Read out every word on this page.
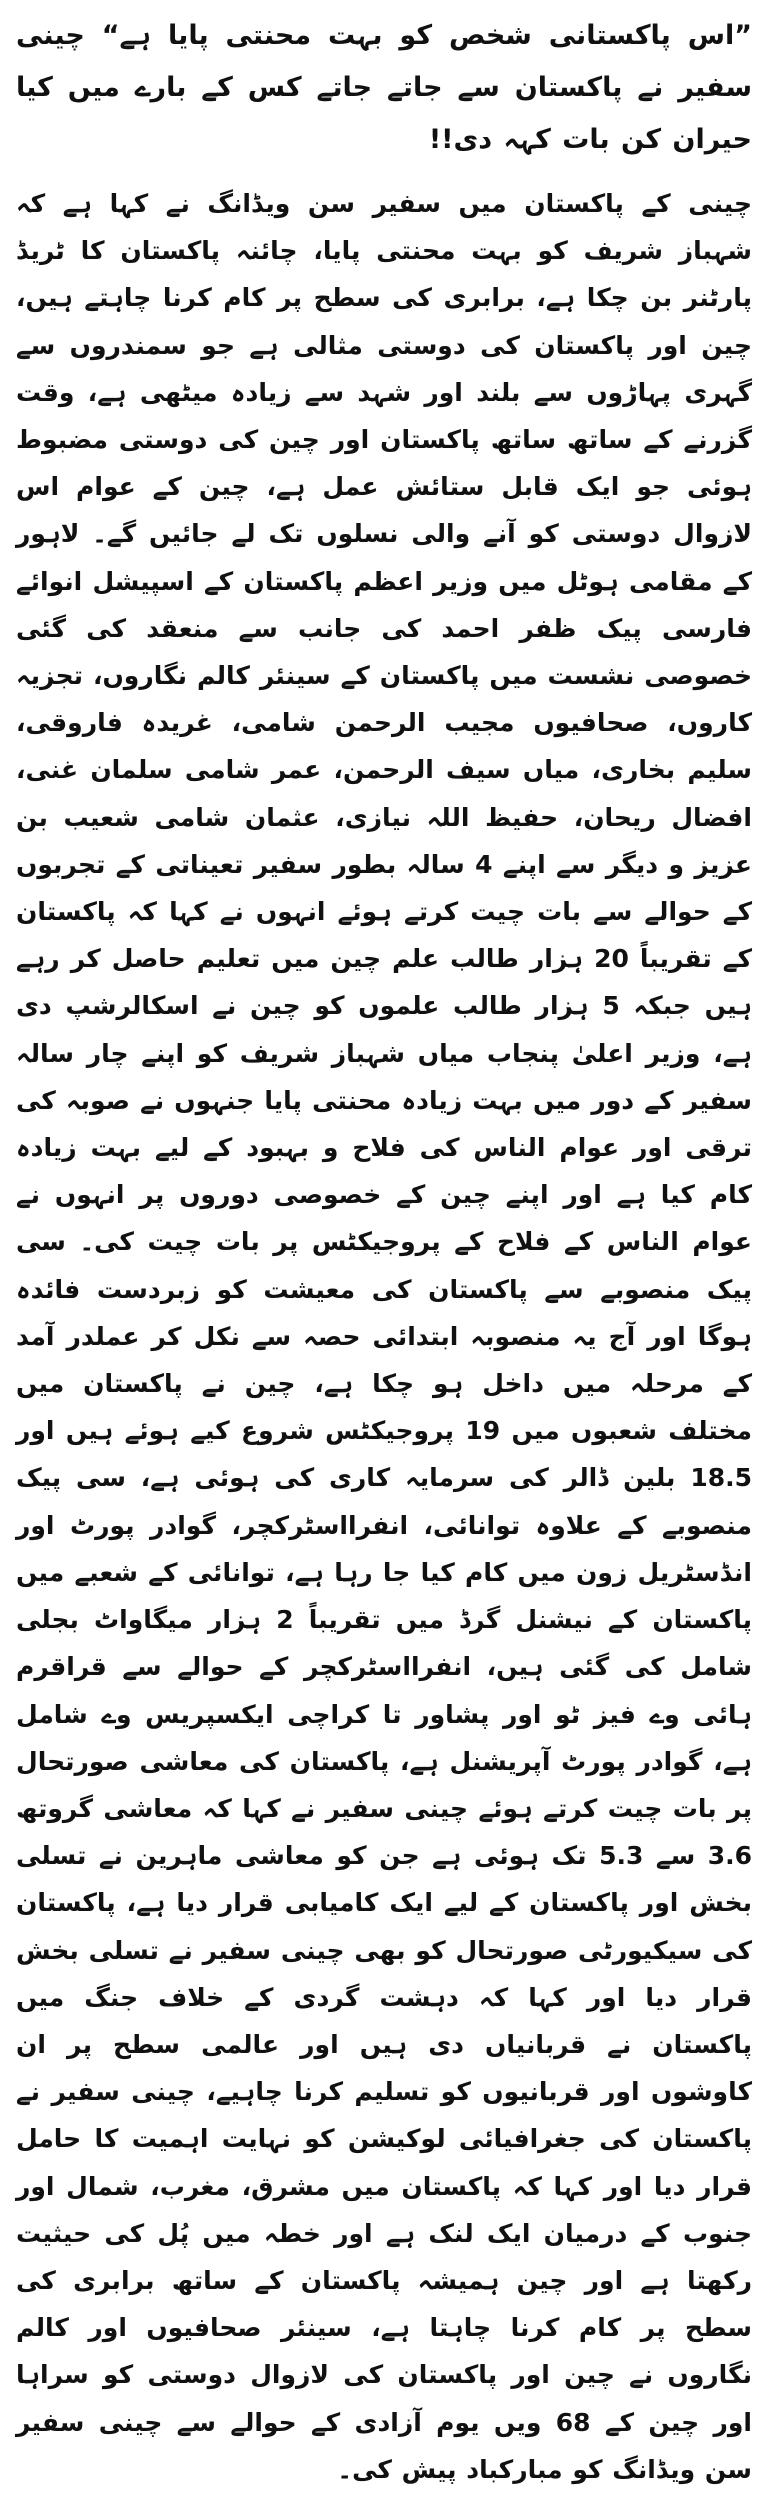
”اس پاکستانی شخص کو بہت محنتی پایا ہے“ چینی سفیر نے پاکستان سے جاتے جاتے کس کے بارے میں کیا حیران کن بات کہہ دی!!

چینی کے پاکستان میں سفیر سن ویڈانگ نے کہا ہے کہ شہباز شریف کو بہت محنتی پایا، چائنہ پاکستان کا ٹریڈ پارٹنر بن چکا ہے، برابری کی سطح پر کام کرنا چاہتے ہیں، چین اور پاکستان کی دوستی مثالی ہے جو سمندروں سے گہری پہاڑوں سے بلند اور شہد سے زیادہ میٹھی ہے، وقت گزرنے کے ساتھ ساتھ پاکستان اور چین کی دوستی مضبوط ہوئی جو ایک قابل ستائش عمل ہے، چین کے عوام اس لازوال دوستی کو آنے والی نسلوں تک لے جائیں گے۔ لاہور کے مقامی ہوٹل میں وزیر اعظم پاکستان کے اسپیشل انوائے فارسی پیک ظفر احمد کی جانب سے منعقد کی گئی خصوصی نشست میں پاکستان کے سینئر کالم نگاروں، تجزیہ کاروں، صحافیوں مجیب الرحمن شامی، غریدہ فاروقی، سلیم بخاری، میاں سیف الرحمن، عمر شامی سلمان غنی، افضال ریحان، حفیظ اللہ نیازی، عثمان شامی شعیب بن عزیز و دیگر سے اپنے 4 سالہ بطور سفیر تعیناتی کے تجربوں کے حوالے سے بات چیت کرتے ہوئے انہوں نے کہا کہ پاکستان کے تقریباً 20 ہزار طالب علم چین میں تعلیم حاصل کر رہے ہیں جبکہ 5 ہزار طالب علموں کو چین نے اسکالرشپ دی ہے، وزیر اعلیٰ پنجاب میاں شہباز شریف کو اپنے چار سالہ سفیر کے دور میں بہت زیادہ محنتی پایا جنہوں نے صوبہ کی ترقی اور عوام الناس کی فلاح و بہبود کے لیے بہت زیادہ کام کیا ہے اور اپنے چین کے خصوصی دوروں پر انہوں نے عوام الناس کے فلاح کے پروجیکٹس پر بات چیت کی۔ سی پیک منصوبے سے پاکستان کی معیشت کو زبردست فائدہ ہوگا اور آج یہ منصوبہ ابتدائی حصہ سے نکل کر عملدر آمد کے مرحلہ میں داخل ہو چکا ہے، چین نے پاکستان میں مختلف شعبوں میں 19 پروجیکٹس شروع کیے ہوئے ہیں اور 18.5 بلین ڈالر کی سرمایہ کاری کی ہوئی ہے، سی پیک منصوبے کے علاوہ توانائی، انفرااسٹرکچر، گوادر پورٹ اور انڈسٹریل زون میں کام کیا جا رہا ہے، توانائی کے شعبے میں پاکستان کے نیشنل گرڈ میں تقریباً 2 ہزار میگاواٹ بجلی شامل کی گئی ہیں، انفرااسٹرکچر کے حوالے سے قراقرم ہائی وے فیز ٹو اور پشاور تا کراچی ایکسپریس وے شامل ہے، گوادر پورٹ آپریشنل ہے، پاکستان کی معاشی صورتحال پر بات چیت کرتے ہوئے چینی سفیر نے کہا کہ معاشی گروتھ 3.6 سے 5.3 تک ہوئی ہے جن کو معاشی ماہرین نے تسلی بخش اور پاکستان کے لیے ایک کامیابی قرار دیا ہے، پاکستان کی سیکیورٹی صورتحال کو بھی چینی سفیر نے تسلی بخش قرار دیا اور کہا کہ دہشت گردی کے خلاف جنگ میں پاکستان نے قربانیاں دی ہیں اور عالمی سطح پر ان کاوشوں اور قربانیوں کو تسلیم کرنا چاہیے، چینی سفیر نے پاکستان کی جغرافیائی لوکیشن کو نہایت اہمیت کا حامل قرار دیا اور کہا کہ پاکستان میں مشرق، مغرب، شمال اور جنوب کے درمیان ایک لنک ہے اور خطہ میں پُل کی حیثیت رکھتا ہے اور چین ہمیشہ پاکستان کے ساتھ برابری کی سطح پر کام کرنا چاہتا ہے، سینئر صحافیوں اور کالم نگاروں نے چین اور پاکستان کی لازوال دوستی کو سراہا اور چین کے 68 ویں یوم آزادی کے حوالے سے چینی سفیر سن ویڈانگ کو مبارکباد پیش کی۔
